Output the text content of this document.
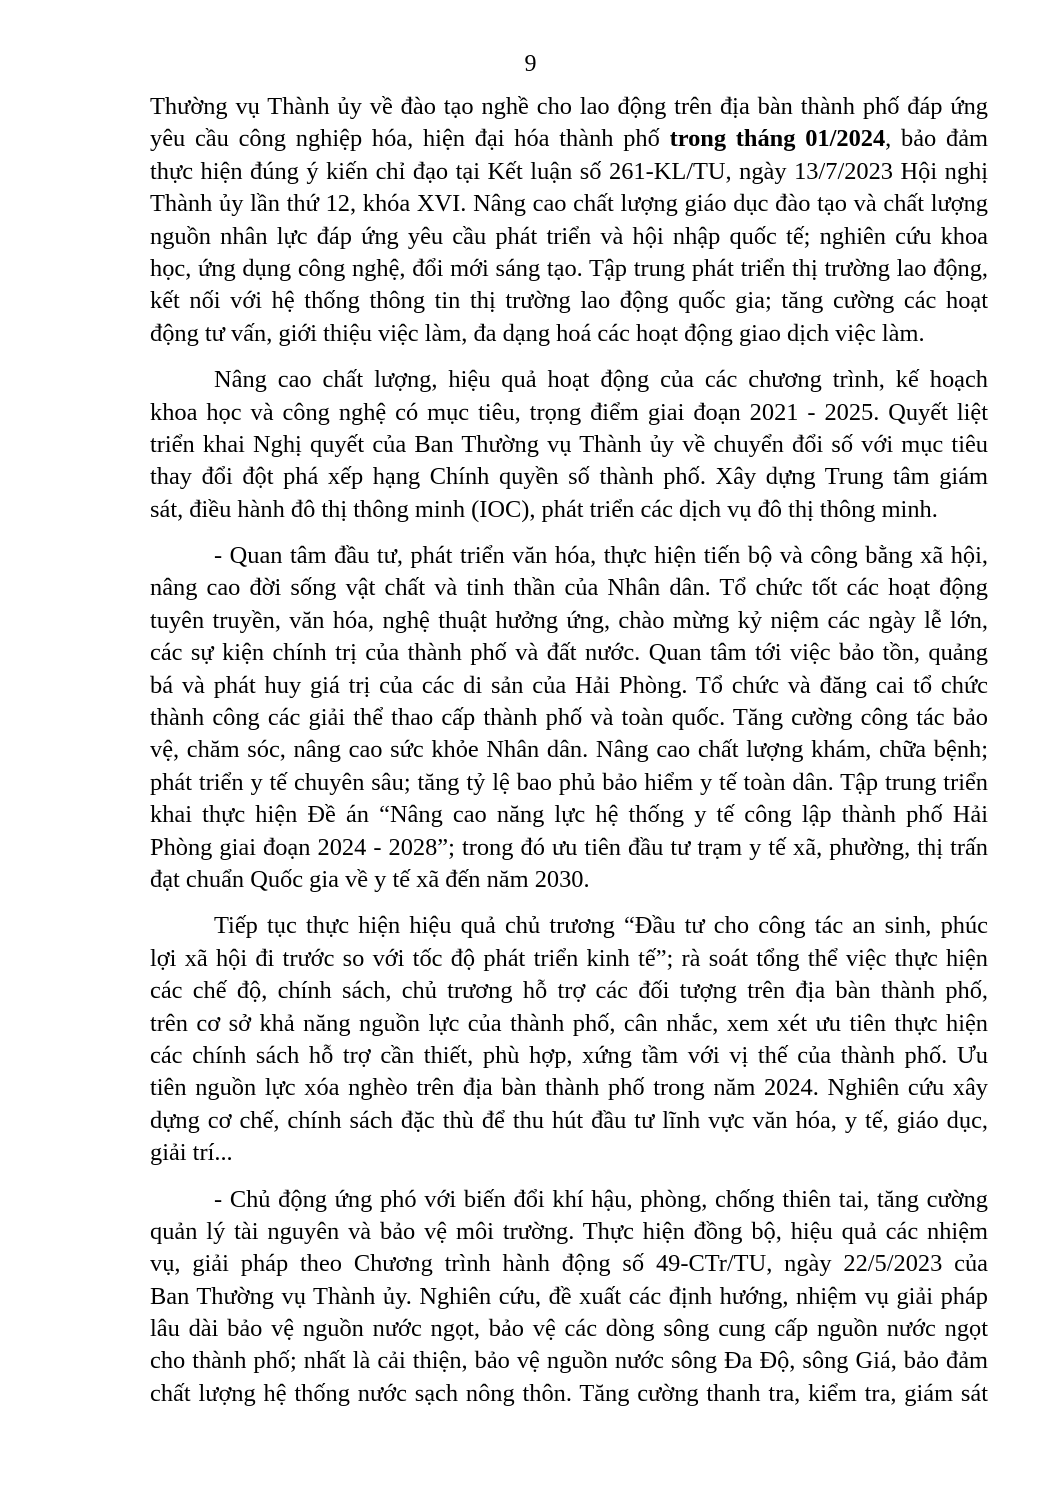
9
Thường vụ Thành ủy về đào tạo nghề cho lao động trên địa bàn thành phố đáp ứng
yêu cầu công nghiệp hóa, hiện đại hóa thành phố trong tháng 01/2024, bảo đảm
thực hiện đúng ý kiến chỉ đạo tại Kết luận số 261-KL/TU, ngày 13/7/2023 Hội nghị
Thành ủy lần thứ 12, khóa XVI. Nâng cao chất lượng giáo dục đào tạo và chất lượng
nguồn nhân lực đáp ứng yêu cầu phát triển và hội nhập quốc tế; nghiên cứu khoa
học, ứng dụng công nghệ, đổi mới sáng tạo. Tập trung phát triển thị trường lao động,
kết nối với hệ thống thông tin thị trường lao động quốc gia; tăng cường các hoạt
động tư vấn, giới thiệu việc làm, đa dạng hoá các hoạt động giao dịch việc làm.
Nâng cao chất lượng, hiệu quả hoạt động của các chương trình, kế hoạch
khoa học và công nghệ có mục tiêu, trọng điểm giai đoạn 2021 - 2025. Quyết liệt
triển khai Nghị quyết của Ban Thường vụ Thành ủy về chuyển đổi số với mục tiêu
thay đổi đột phá xếp hạng Chính quyền số thành phố. Xây dựng Trung tâm giám
sát, điều hành đô thị thông minh (IOC), phát triển các dịch vụ đô thị thông minh.
- Quan tâm đầu tư, phát triển văn hóa, thực hiện tiến bộ và công bằng xã hội,
nâng cao đời sống vật chất và tinh thần của Nhân dân. Tổ chức tốt các hoạt động
tuyên truyền, văn hóa, nghệ thuật hưởng ứng, chào mừng kỷ niệm các ngày lễ lớn,
các sự kiện chính trị của thành phố và đất nước. Quan tâm tới việc bảo tồn, quảng
bá và phát huy giá trị của các di sản của Hải Phòng. Tổ chức và đăng cai tổ chức
thành công các giải thể thao cấp thành phố và toàn quốc. Tăng cường công tác bảo
vệ, chăm sóc, nâng cao sức khỏe Nhân dân. Nâng cao chất lượng khám, chữa bệnh;
phát triển y tế chuyên sâu; tăng tỷ lệ bao phủ bảo hiểm y tế toàn dân. Tập trung triển
khai thực hiện Đề án “Nâng cao năng lực hệ thống y tế công lập thành phố Hải
Phòng giai đoạn 2024 - 2028”; trong đó ưu tiên đầu tư trạm y tế xã, phường, thị trấn
đạt chuẩn Quốc gia về y tế xã đến năm 2030.
Tiếp tục thực hiện hiệu quả chủ trương “Đầu tư cho công tác an sinh, phúc
lợi xã hội đi trước so với tốc độ phát triển kinh tế”; rà soát tổng thể việc thực hiện
các chế độ, chính sách, chủ trương hỗ trợ các đối tượng trên địa bàn thành phố,
trên cơ sở khả năng nguồn lực của thành phố, cân nhắc, xem xét ưu tiên thực hiện
các chính sách hỗ trợ cần thiết, phù hợp, xứng tầm với vị thế của thành phố. Ưu
tiên nguồn lực xóa nghèo trên địa bàn thành phố trong năm 2024. Nghiên cứu xây
dựng cơ chế, chính sách đặc thù để thu hút đầu tư lĩnh vực văn hóa, y tế, giáo dục,
giải trí...
- Chủ động ứng phó với biến đổi khí hậu, phòng, chống thiên tai, tăng cường
quản lý tài nguyên và bảo vệ môi trường. Thực hiện đồng bộ, hiệu quả các nhiệm
vụ, giải pháp theo Chương trình hành động số 49-CTr/TU, ngày 22/5/2023 của
Ban Thường vụ Thành ủy. Nghiên cứu, đề xuất các định hướng, nhiệm vụ giải pháp
lâu dài bảo vệ nguồn nước ngọt, bảo vệ các dòng sông cung cấp nguồn nước ngọt
cho thành phố; nhất là cải thiện, bảo vệ nguồn nước sông Đa Độ, sông Giá, bảo đảm
chất lượng hệ thống nước sạch nông thôn. Tăng cường thanh tra, kiểm tra, giám sát
